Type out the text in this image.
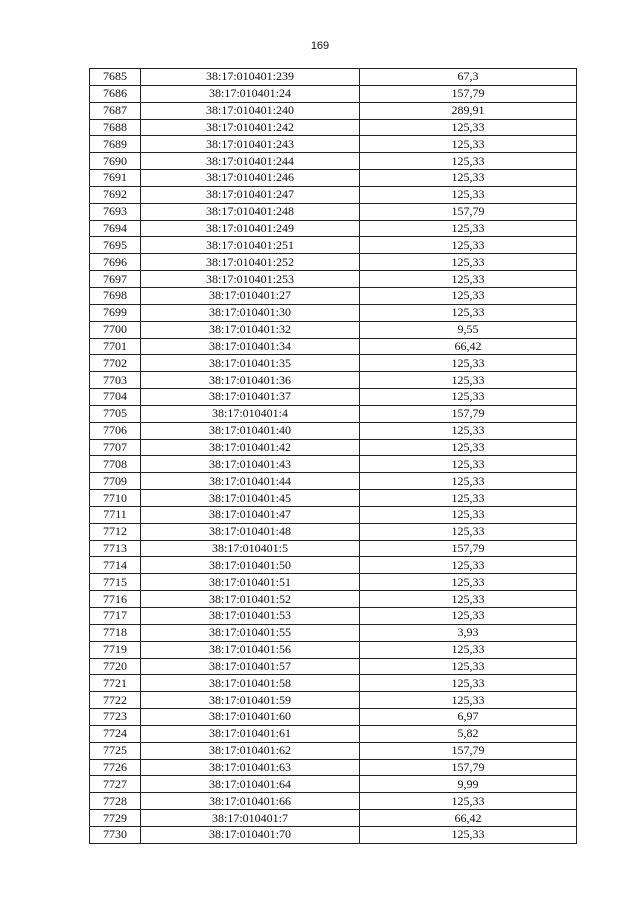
169
7685	38:17:010401:239	67,3
7686	38:17:010401:24	157,79
7687	38:17:010401:240	289,91
7688	38:17:010401:242	125,33
7689	38:17:010401:243	125,33
7690	38:17:010401:244	125,33
7691	38:17:010401:246	125,33
7692	38:17:010401:247	125,33
7693	38:17:010401:248	157,79
7694	38:17:010401:249	125,33
7695	38:17:010401:251	125,33
7696	38:17:010401:252	125,33
7697	38:17:010401:253	125,33
7698	38:17:010401:27	125,33
7699	38:17:010401:30	125,33
7700	38:17:010401:32	9,55
7701	38:17:010401:34	66,42
7702	38:17:010401:35	125,33
7703	38:17:010401:36	125,33
7704	38:17:010401:37	125,33
7705	38:17:010401:4	157,79
7706	38:17:010401:40	125,33
7707	38:17:010401:42	125,33
7708	38:17:010401:43	125,33
7709	38:17:010401:44	125,33
7710	38:17:010401:45	125,33
7711	38:17:010401:47	125,33
7712	38:17:010401:48	125,33
7713	38:17:010401:5	157,79
7714	38:17:010401:50	125,33
7715	38:17:010401:51	125,33
7716	38:17:010401:52	125,33
7717	38:17:010401:53	125,33
7718	38:17:010401:55	3,93
7719	38:17:010401:56	125,33
7720	38:17:010401:57	125,33
7721	38:17:010401:58	125,33
7722	38:17:010401:59	125,33
7723	38:17:010401:60	6,97
7724	38:17:010401:61	5,82
7725	38:17:010401:62	157,79
7726	38:17:010401:63	157,79
7727	38:17:010401:64	9,99
7728	38:17:010401:66	125,33
7729	38:17:010401:7	66,42
7730	38:17:010401:70	125,33
